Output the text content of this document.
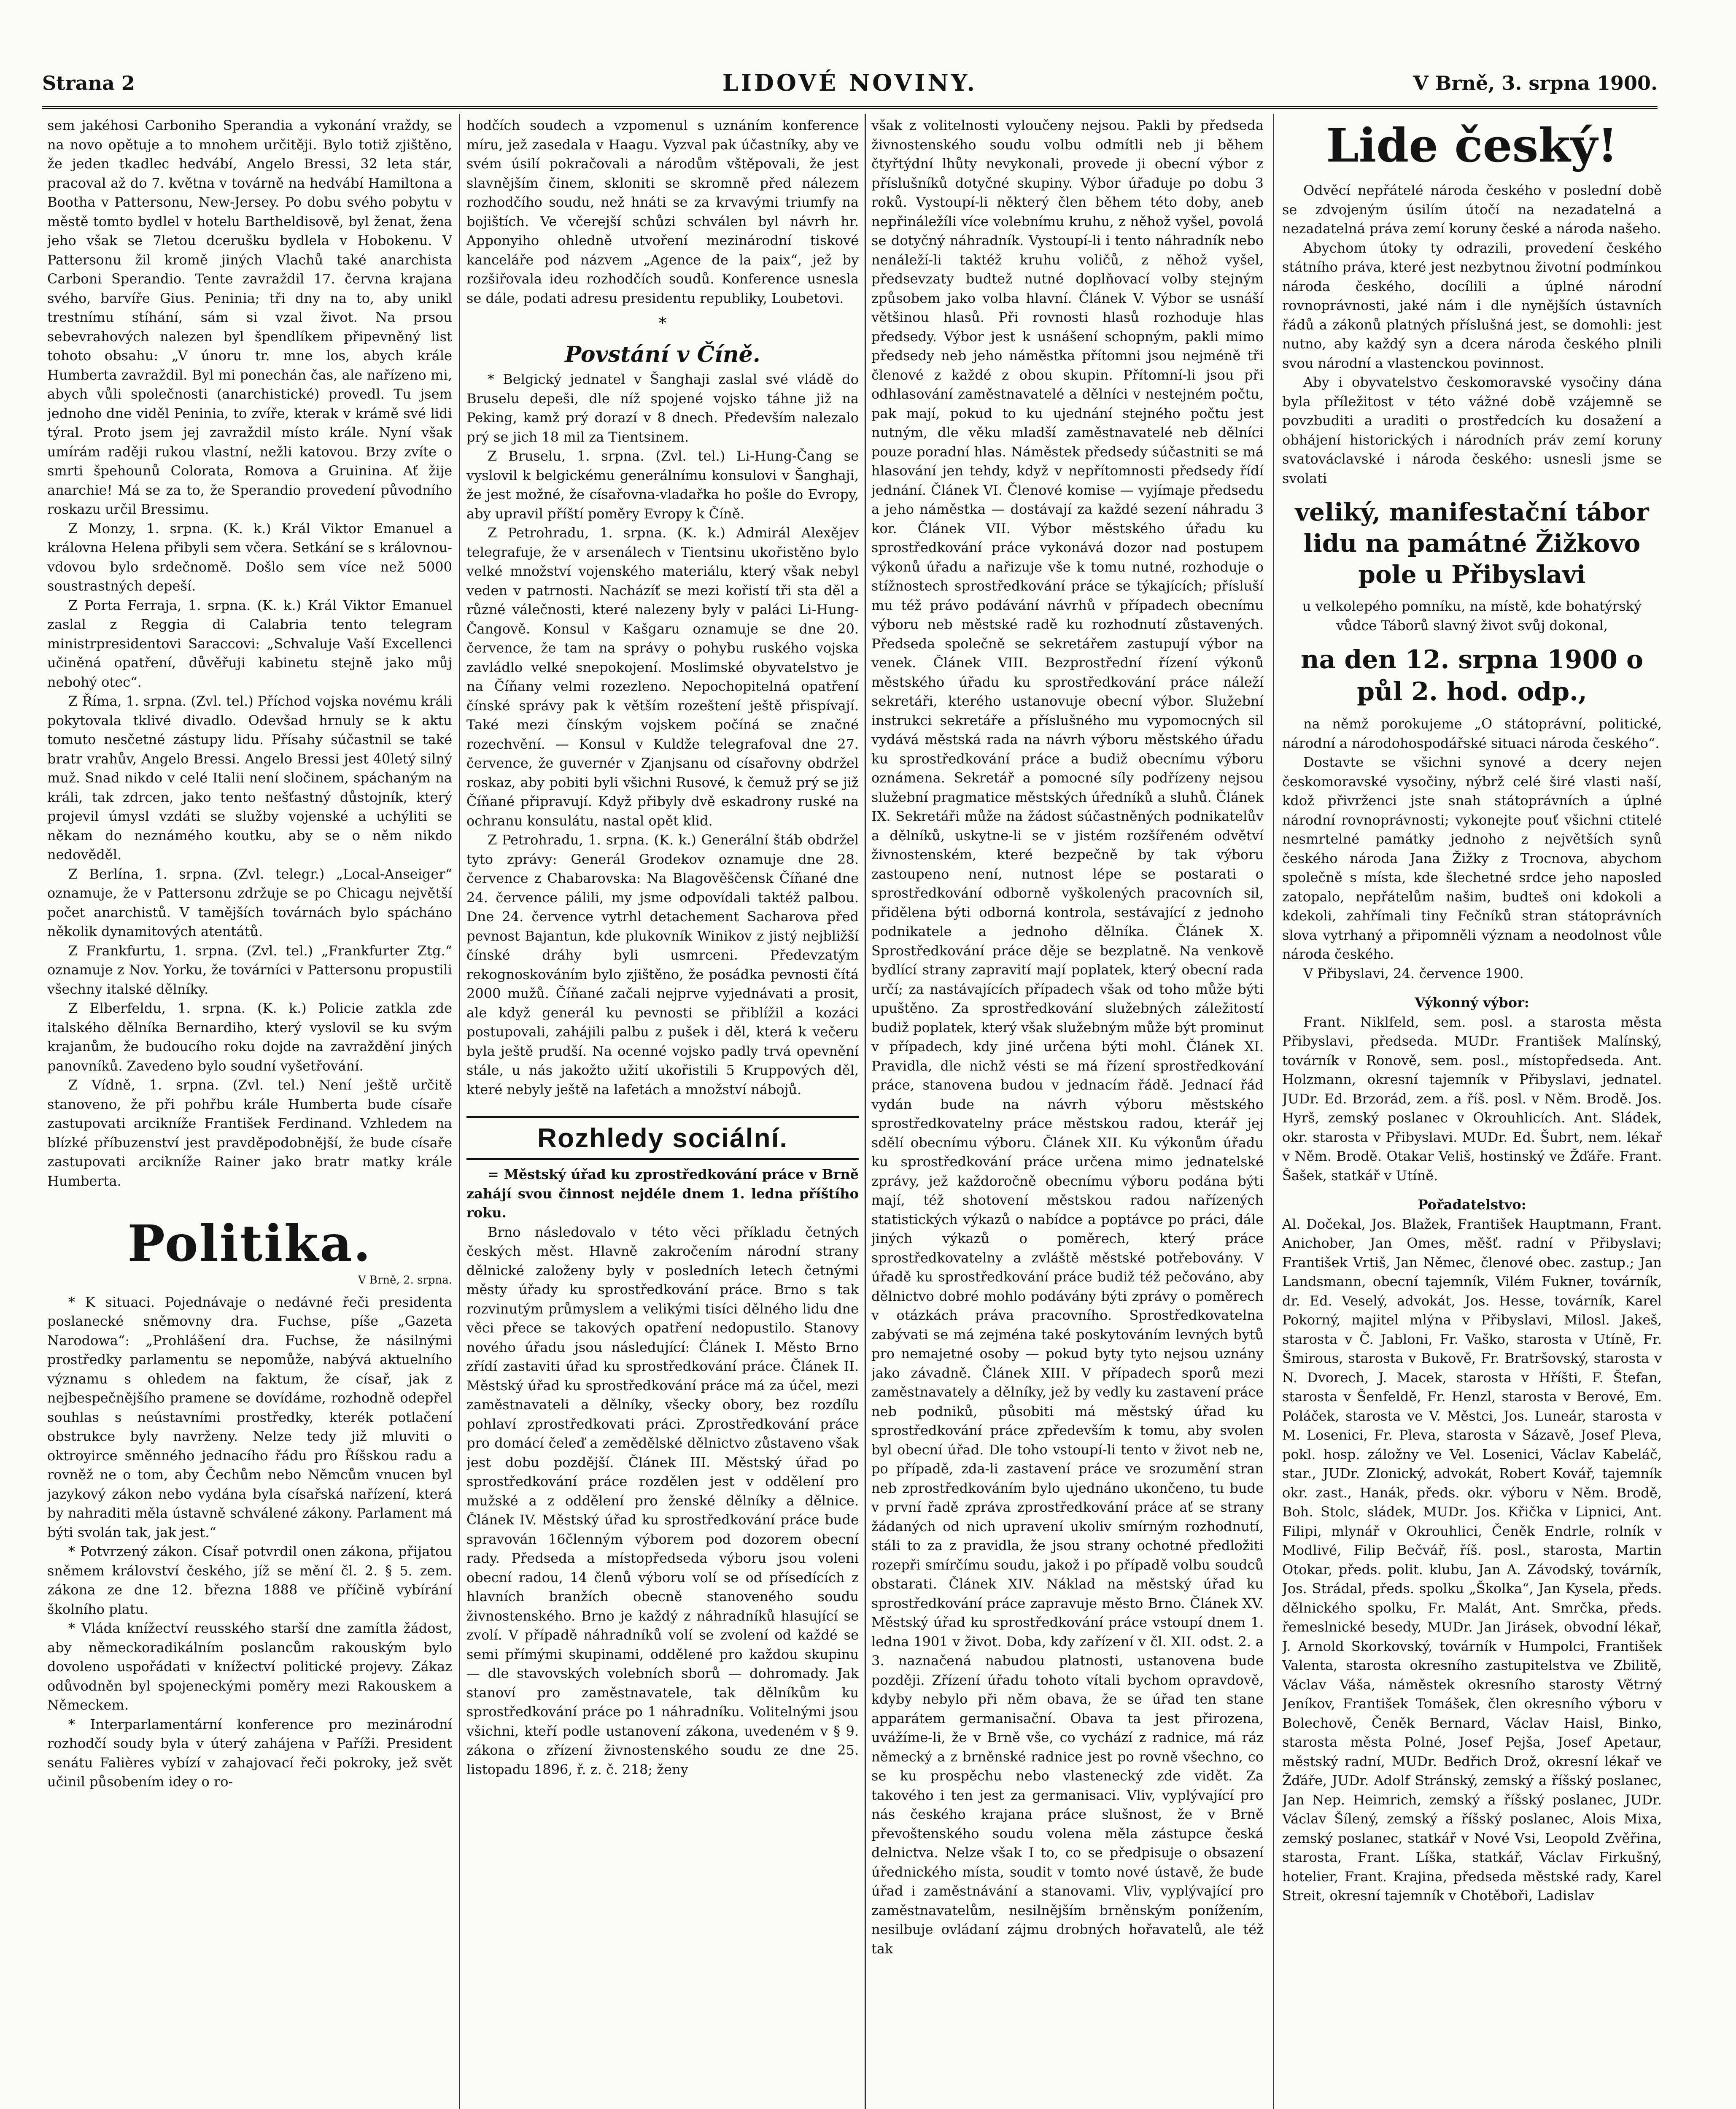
Strana 2	LIDOVÉ NOVINY.	V Brně, 3. srpna 1900.

sem jakéhosi Carboniho Sperandia a vykonání vraždy, se na novo opětuje a to mnohem určitěji. Bylo totiž zjištěno, že jeden tkadlec hedvábí, Angelo Bressi, 32 leta stár, pracoval až do 7. května v továrně na hedvábí Hamiltona a Bootha v Pattersonu, New-Jersey. Po dobu svého pobytu v městě tomto bydlel v hotelu Bartheldisově, byl ženat, žena jeho však se 7letou dcerušku bydlela v Hobokenu. V Pattersonu žil kromě jiných Vlachů také anarchista Carboni Sperandio. Tente zavraždil 17. června krajana svého, barvíře Gius. Peninia; tři dny na to, aby unikl trestnímu stíhání, sám si vzal život. Na prsou sebevrahových nalezen byl špendlíkem připevněný list tohoto obsahu: „V únoru tr. mne los, abych krále Humberta zavraždil. Byl mi ponechán čas, ale nařízeno mi, abych vůli společnosti (anarchistické) provedl. Tu jsem jednoho dne viděl Peninia, to zvíře, kterak v krámě své lidi týral. Proto jsem jej zavraždil místo krále. Nyní však umírám raději rukou vlastní, nežli katovou. Brzy zvíte o smrti špehounů Colorata, Romova a Gruinina. Ať žije anarchie! Má se za to, že Sperandio provedení původního roskazu určil Bressimu.

Z Monzy, 1. srpna. (K. k.) Král Viktor Emanuel a královna Helena přibyli sem včera. Setkání se s královnou-vdovou bylo srdečnomě. Došlo sem více než 5000 soustrastných depeší.

Z Porta Ferraja, 1. srpna. (K. k.) Král Viktor Emanuel zaslal z Reggia di Calabria tento telegram ministrpresidentovi Saraccovi: „Schvaluje Vaší Excellenci učiněná opatření, důvěřuji kabinetu stejně jako můj nebohý otec“.

Z Říma, 1. srpna. (Zvl. tel.) Příchod vojska novému králi pokytovala tklivé divadlo. Odevšad hrnuly se k aktu tomuto nesčetné zástupy lidu. Přísahy súčastnil se také bratr vrahův, Angelo Bressi. Angelo Bressi jest 40letý silný muž. Snad nikdo v celé Italii není sločinem, spáchaným na králi, tak zdrcen, jako tento nešťastný důstojník, který projevil úmysl vzdáti se služby vojenské a uchýliti se někam do neznámého koutku, aby se o něm nikdo nedověděl.

Z Berlína, 1. srpna. (Zvl. telegr.) „Local-Anseiger“ oznamuje, že v Pattersonu zdržuje se po Chicagu největší počet anarchistů. V tamějších továrnách bylo spácháno několik dynamitových atentátů.

Z Frankfurtu, 1. srpna. (Zvl. tel.) „Frankfurter Ztg.“ oznamuje z Nov. Yorku, že továrníci v Pattersonu propustili všechny italské dělníky.

Z Elberfeldu, 1. srpna. (K. k.) Policie zatkla zde italského dělníka Bernardiho, který vyslovil se ku svým krajanům, že budoucího roku dojde na zavraždění jiných panovníků. Zavedeno bylo soudní vyšetřování.

Z Vídně, 1. srpna. (Zvl. tel.) Není ještě určitě stanoveno, že při pohřbu krále Humberta bude císaře zastupovati arcikníže František Ferdinand. Vzhledem na blízké příbuzenství jest pravděpodobnější, že bude císaře zastupovati arcikníže Rainer jako bratr matky krále Humberta.

Politika.
V Brně, 2. srpna.

* K situaci. Pojednávaje o nedávné řeči presidenta poslanecké sněmovny dra. Fuchse, píše „Gazeta Narodowa“: „Prohlášení dra. Fuchse, že násilnými prostředky parlamentu se nepomůže, nabývá aktuelního významu s ohledem na faktum, že císař, jak z nejbespečnějšího pramene se dovídáme, rozhodně odepřel souhlas s neústavními prostředky, kterék potlačení obstrukce byly navrženy. Nelze tedy již mluviti o oktroyirce směnného jednacího řádu pro Říšskou radu a rovněž ne o tom, aby Čechům nebo Němcům vnucen byl jazykový zákon nebo vydána byla císařská nařízení, která by nahraditi měla ústavně schválené zákony. Parlament má býti svolán tak, jak jest.“

* Potvrzený zákon. Císař potvrdil onen zákona, přijatou sněmem království českého, jíž se mění čl. 2. § 5. zem. zákona ze dne 12. března 1888 ve příčině vybírání školního platu.

* Vláda knížectví reusského starší dne zamítla žádost, aby německoradikálním poslancům rakouským bylo dovoleno uspořádati v knížectví politické projevy. Zákaz odůvodněn byl spojeneckými poměry mezi Rakouskem a Německem.

* Interparlamentární konference pro mezinárodní rozhodčí soudy byla v úterý zahájena v Paříži. President senátu Falières vybízí v zahajovací řeči pokroky, jež svět učinil působením idey o ro-

hodčích soudech a vzpomenul s uznáním konference míru, jež zasedala v Haagu. Vyzval pak účastníky, aby ve svém úsilí pokračovali a národům vštěpovali, že jest slavnějším činem, skloniti se skromně před nálezem rozhodčího soudu, než hnáti se za krvavými triumfy na bojištích. Ve včerejší schůzi schválen byl návrh hr. Apponyiho ohledně utvoření mezinárodní tiskové kanceláře pod názvem „Agence de la paix“, jež by rozšiřovala ideu rozhodčích soudů. Konference usnesla se dále, podati adresu presidentu republiky, Loubetovi.

*
Povstání v Číně.

* Belgický jednatel v Šanghaji zaslal své vládě do Bruselu depeši, dle níž spojené vojsko táhne již na Peking, kamž prý dorazí v 8 dnech. Především nalezalo prý se jich 18 mil za Tientsinem.

Z Bruselu, 1. srpna. (Zvl. tel.) Li-Hung-Čang se vyslovil k belgickému generálnímu konsulovi v Šanghaji, že jest možné, že císařovna-vladařka ho pošle do Evropy, aby upravil příští poměry Evropy k Číně.

Z Petrohradu, 1. srpna. (K. k.) Admirál Alexějev telegrafuje, že v arsenálech v Tientsinu ukořistěno bylo velké množství vojenského materiálu, který však nebyl veden v patrnosti. Nacházíť se mezi kořistí tři sta děl a různé válečnosti, které nalezeny byly v paláci Li-Hung-Čangově. Konsul v Kašgaru oznamuje se dne 20. července, že tam na správy o pohybu ruského vojska zavládlo velké snepokojení. Moslimské obyvatelstvo je na Číňany velmi rozezleno. Nepochopitelná opatření čínské správy pak k větším rozeštení ještě přispívají. Také mezi čínským vojskem počíná se značné rozechvění. — Konsul v Kuldže telegrafoval dne 27. července, že guvernér v Zjanjsanu od císařovny obdržel roskaz, aby pobiti byli všichni Rusové, k čemuž prý se již Číňané připravují. Když přibyly dvě eskadrony ruské na ochranu konsulátu, nastal opět klid.

Z Petrohradu, 1. srpna. (K. k.) Generální štáb obdržel tyto zprávy: Generál Grodekov oznamuje dne 28. července z Chabarovska: Na Blagověščensk Číňané dne 24. července pálili, my jsme odpovídali taktéž palbou. Dne 24. července vytrhl detachement Sacharova před pevnost Bajantun, kde plukovník Winikov z jistý nejbližší čínské dráhy byli usmrceni. Předevzatým rekognoskováním bylo zjištěno, že posádka pevnosti čítá 2000 mužů. Číňané začali nejprve vyjednávati a prosit, ale když generál ku pevnosti se přiblížil a kozáci postupovali, zahájili palbu z pušek i děl, která k večeru byla ještě prudší. Na ocenné vojsko padly trvá opevnění stále, u nás jakožto užití ukořistili 5 Kruppových děl, které nebyly ještě na lafetách a množství nábojů.

Rozhledy sociální.

= Městský úřad ku zprostředkování práce v Brně zahájí svou činnost nejdéle dnem 1. ledna příštího roku.

Brno následovalo v této věci příkladu četných českých měst. Hlavně zakročením národní strany dělnické založeny byly v posledních letech četnými městy úřady ku sprostředkování práce. Brno s tak rozvinutým průmyslem a velikými tisíci dělného lidu dne věci přece se takových opatření nedopustilo. Stanovy nového úřadu jsou následující: Článek I. Město Brno zřídí zastaviti úřad ku sprostředkování práce. Článek II. Městský úřad ku sprostředkování práce má za účel, mezi zaměstnavateli a dělníky, všecky obory, bez rozdílu pohlaví zprostředkovati práci. Zprostředkování práce pro domácí čeleď a zemědělské dělnictvo zůstaveno však jest dobu pozdější. Článek III. Městský úřad po sprostředkování práce rozdělen jest v oddělení pro mužské a z oddělení pro ženské dělníky a dělnice. Článek IV. Městský úřad ku sprostředkování práce bude spravován 16členným výborem pod dozorem obecní rady. Předseda a místopředseda výboru jsou voleni obecní radou, 14 členů výboru volí se od přísedících z hlavních branžích obecně stanoveného soudu živnostenského. Brno je každý z náhradníků hlasující se zvolí. V případě náhradníků volí se zvolení od každé se semi přímými skupinami, oddělené pro každou skupinu — dle stavovských volebních sborů — dohromady. Jak stanoví pro zaměstnavatele, tak dělníkům ku sprostředkování práce po 1 náhradníku. Volitelnými jsou všichni, kteří podle ustanovení zákona, uvedeném v § 9. zákona o zřízení živnostenského soudu ze dne 25. listopadu 1896, ř. z. č. 218; ženy

však z volitelnosti vyloučeny nejsou. Pakli by předseda živnostenského soudu volbu odmítli neb ji během čtyřtýdní lhůty nevykonali, provede ji obecní výbor z příslušníků dotyčné skupiny. Výbor úřaduje po dobu 3 roků. Vystoupí-li některý člen během této doby, aneb nepřináležíli více volebnímu kruhu, z něhož vyšel, povolá se dotyčný náhradník. Vystoupí-li i tento náhradník nebo nenáleží-li taktéž kruhu voličů, z něhož vyšel, předsevzaty budtež nutné doplňovací volby stejným způsobem jako volba hlavní. Článek V. Výbor se usnáší většinou hlasů. Při rovnosti hlasů rozhoduje hlas předsedy. Výbor jest k usnášení schopným, pakli mimo předsedy neb jeho náměstka přítomni jsou nejméně tři členové z každé z obou skupin. Přítomní-li jsou při odhlasování zaměstnavatelé a dělníci v nestejném počtu, pak mají, pokud to ku ujednání stejného počtu jest nutným, dle věku mladší zaměstnavatelé neb dělníci pouze poradní hlas. Náměstek předsedy súčastniti se má hlasování jen tehdy, když v nepřítomnosti předsedy řídí jednání. Článek VI. Členové komise — vyjímaje předsedu a jeho náměstka — dostávají za každé sezení náhradu 3 kor. Článek VII. Výbor městského úřadu ku sprostředkování práce vykonává dozor nad postupem výkonů úřadu a nařizuje vše k tomu nutné, rozhoduje o stížnostech sprostředkování práce se týkajících; přísluší mu též právo podávání návrhů v případech obecnímu výboru neb městské radě ku rozhodnutí zůstavených. Předseda společně se sekretářem zastupují výbor na venek. Článek VIII. Bezprostřední řízení výkonů městského úřadu ku sprostředkování práce náleží sekretáři, kterého ustanovuje obecní výbor. Služební instrukci sekretáře a příslušného mu vypomocných sil vydává městská rada na návrh výboru městského úřadu ku sprostředkování práce a budiž obecnímu výboru oznámena. Sekretář a pomocné síly podřízeny nejsou služební pragmatice městských úředníků a sluhů. Článek IX. Sekretáři může na žádost súčastněných podnikatelův a dělníků, uskytne-li se v jistém rozšířeném odvětví živnostenském, které bezpečně by tak výboru zastoupeno není, nutnost lépe se postarati o sprostředkování odborně vyškolených pracovních sil, přidělena býti odborná kontrola, sestávající z jednoho podnikatele a jednoho dělníka. Článek X. Sprostředkování práce děje se bezplatně. Na venkově bydlící strany zapravití mají poplatek, který obecní rada určí; za nastávajících případech však od toho může býti upuštěno. Za sprostředkování služebných záležitostí budiž poplatek, který však služebným může být prominut v případech, kdy jiné určena býti mohl. Článek XI. Pravidla, dle nichž vésti se má řízení sprostředkování práce, stanovena budou v jednacím řádě. Jednací řád vydán bude na návrh výboru městského sprostředkovatelny práce městskou radou, kterář jej sdělí obecnímu výboru. Článek XII. Ku výkonům úřadu ku sprostředkování práce určena mimo jednatelské zprávy, jež každoročně obecnímu výboru podána býti mají, též shotovení městskou radou nařízených statistických výkazů o nabídce a poptávce po práci, dále jiných výkazů o poměrech, který práce sprostředkovatelny a zvláště městské potřebovány. V úřadě ku sprostředkování práce budiž též pečováno, aby dělnictvo dobré mohlo podávány býti zprávy o poměrech v otázkách práva pracovního. Sprostředkovatelna zabývati se má zejména také poskytováním levných bytů pro nemajetné osoby — pokud byty tyto nejsou uznány jako závadně. Článek XIII. V případech sporů mezi zaměstnavately a dělníky, jež by vedly ku zastavení práce neb podniků, působiti má městský úřad ku sprostředkování práce zpředevším k tomu, aby svolen byl obecní úřad. Dle toho vstoupí-li tento v život neb ne, po případě, zda-li zastavení práce ve srozumění stran neb zprostředkováním bylo ujednáno ukončeno, tu bude v první řadě zpráva zprostředkování práce ať se strany žádaných od nich upravení ukoliv smírným rozhodnutí, stáli to za z pravidla, že jsou strany ochotné předložiti rozepři smírčímu soudu, jakož i po případě volbu soudců obstarati. Článek XIV. Náklad na městský úřad ku sprostředkování práce zapravuje město Brno. Článek XV. Městský úřad ku sprostředkování práce vstoupí dnem 1. ledna 1901 v život. Doba, kdy zařízení v čl. XII. odst. 2. a 3. naznačená nabudou platnosti, ustanovena bude později. Zřízení úřadu tohoto vítali bychom opravdově, kdyby nebylo při něm obava, že se úřad ten stane apparátem germanisační. Obava ta jest přirozena, uvážíme-li, že v Brně vše, co vychází z radnice, má ráz německý a z brněnské radnice jest po rovně všechno, co se ku prospěchu nebo vlastenecký zde vidět. Za takového i ten jest za germanisaci. Vliv, vyplývající pro nás českého krajana práce slušnost, že v Brně převoštenského soudu volena měla zástupce česká delnictva. Nelze však I to, co se předpisuje o obsazení úřednického místa, soudit v tomto nové ústavě, že bude úřad i zaměstnávání a stanovami. Vliv, vyplývající pro zaměstnavatelům, nesilnějším brněnským ponížením, nesilbuje ovládaní zájmu drobných hořavatelů, ale též tak

Lide český!

Odvěcí nepřátelé národa českého v poslední době se zdvojeným úsilím útočí na nezadatelná a nezadatelná práva zemí koruny české a národa našeho.

Abychom útoky ty odrazili, provedení českého státního práva, které jest nezbytnou životní podmínkou národa českého, docílili a úplné národní rovnoprávnosti, jaké nám i dle nynějších ústavních řádů a zákonů platných příslušná jest, se domohli: jest nutno, aby každý syn a dcera národa českého plnili svou národní a vlastenckou povinnost.

Aby i obyvatelstvo českomoravské vysočiny dána byla příležitost v této vážné době vzájemně se povzbuditi a uraditi o prostředcích ku dosažení a obhájení historických i národních práv zemí koruny svatováclavské i národa českého: usnesli jsme se svolati

veliký, manifestační tábor lidu na památné Žižkovo pole u Přibyslavi

u velkolepého pomníku, na místě, kde bohatýrský vůdce Táborů slavný život svůj dokonal,

na den 12. srpna 1900 o půl 2. hod. odp.,

na němž porokujeme „O státoprávní, politické, národní a národohospodářské situaci národa českého“.

Dostavte se všichni synové a dcery nejen českomoravské vysočiny, nýbrž celé širé vlasti naší, kdož přivrženci jste snah státoprávních a úplné národní rovnoprávnosti; vykonejte pouť všichni ctitelé nesmrtelné památky jednoho z největších synů českého národa Jana Žižky z Trocnova, abychom společně s místa, kde šlechetné srdce jeho naposled zatopalo, nepřátelům našim, budteš oni kdokoli a kdekoli, zahřímali tiny Fečníků stran státoprávních slova vytrhaný a připomněli význam a neodolnost vůle národa českého.

V Přibyslavi, 24. července 1900.

Výkonný výbor:

Frant. Niklfeld, sem. posl. a starosta města Přibyslavi, předseda. MUDr. František Malínský, továrník v Ronově, sem. posl., místopředseda. Ant. Holzmann, okresní tajemník v Přibyslavi, jednatel. JUDr. Ed. Brzorád, zem. a říš. posl. v Něm. Brodě. Jos. Hyrš, zemský poslanec v Okrouhlicích. Ant. Sládek, okr. starosta v Přibyslavi. MUDr. Ed. Šubrt, nem. lékař v Něm. Brodě. Otakar Veliš, hostinský ve Žďáře. Frant. Šašek, statkář v Utíně.

Pořadatelstvo:

Al. Dočekal, Jos. Blažek, František Hauptmann, Frant. Anichober, Jan Omes, měšť. radní v Přibyslavi; František Vrtiš, Jan Němec, členové obec. zastup.; Jan Landsmann, obecní tajemník, Vilém Fukner, továrník, dr. Ed. Veselý, advokát, Jos. Hesse, továrník, Karel Pokorný, majitel mlýna v Přibyslavi, Milosl. Jakeš, starosta v Č. Jabloni, Fr. Vaško, starosta v Utíně, Fr. Šmirous, starosta v Bukově, Fr. Bratršovský, starosta v N. Dvorech, J. Macek, starosta v Hříšti, F. Štefan, starosta v Šenfeldě, Fr. Henzl, starosta v Berové, Em. Poláček, starosta ve V. Městci, Jos. Luneár, starosta v M. Losenici, Fr. Pleva, starosta v Sázavě, Josef Pleva, pokl. hosp. záložny ve Vel. Losenici, Václav Kabeláč, star., JUDr. Zlonický, advokát, Robert Kovář, tajemník okr. zast., Hanák, předs. okr. výboru v Něm. Brodě, Boh. Stolc, sládek, MUDr. Jos. Křička v Lipnici, Ant. Filipi, mlynář v Okrouhlici, Čeněk Endrle, rolník v Modlivé, Filip Bečvář, říš. posl., starosta, Martin Otokar, předs. polit. klubu, Jan A. Závodský, továrník, Jos. Strádal, předs. spolku „Školka“, Jan Kysela, předs. dělnického spolku, Fr. Malát, Ant. Smrčka, předs. řemeslnické besedy, MUDr. Jan Jirásek, obvodní lékař, J. Arnold Skorkovský, továrník v Humpolci, František Valenta, starosta okresního zastupitelstva ve Zbilitě, Václav Váša, náměstek okresního starosty Větrný Jeníkov, František Tomášek, člen okresního výboru v Bolechově, Čeněk Bernard, Václav Haisl, Binko, starosta města Polné, Josef Pejša, Josef Apetaur, městský radní, MUDr. Bedřich Drož, okresní lékař ve Žďáře, JUDr. Adolf Stránský, zemský a říšský poslanec, Jan Nep. Heimrich, zemský a říšský poslanec, JUDr. Václav Šílený, zemský a říšský poslanec, Alois Mixa, zemský poslanec, statkář v Nové Vsi, Leopold Zvěřina, starosta, Frant. Líška, statkář, Václav Firkušný, hotelier, Frant. Krajina, předseda městské rady, Karel Streit, okresní tajemník v Chotěboři, Ladislav
